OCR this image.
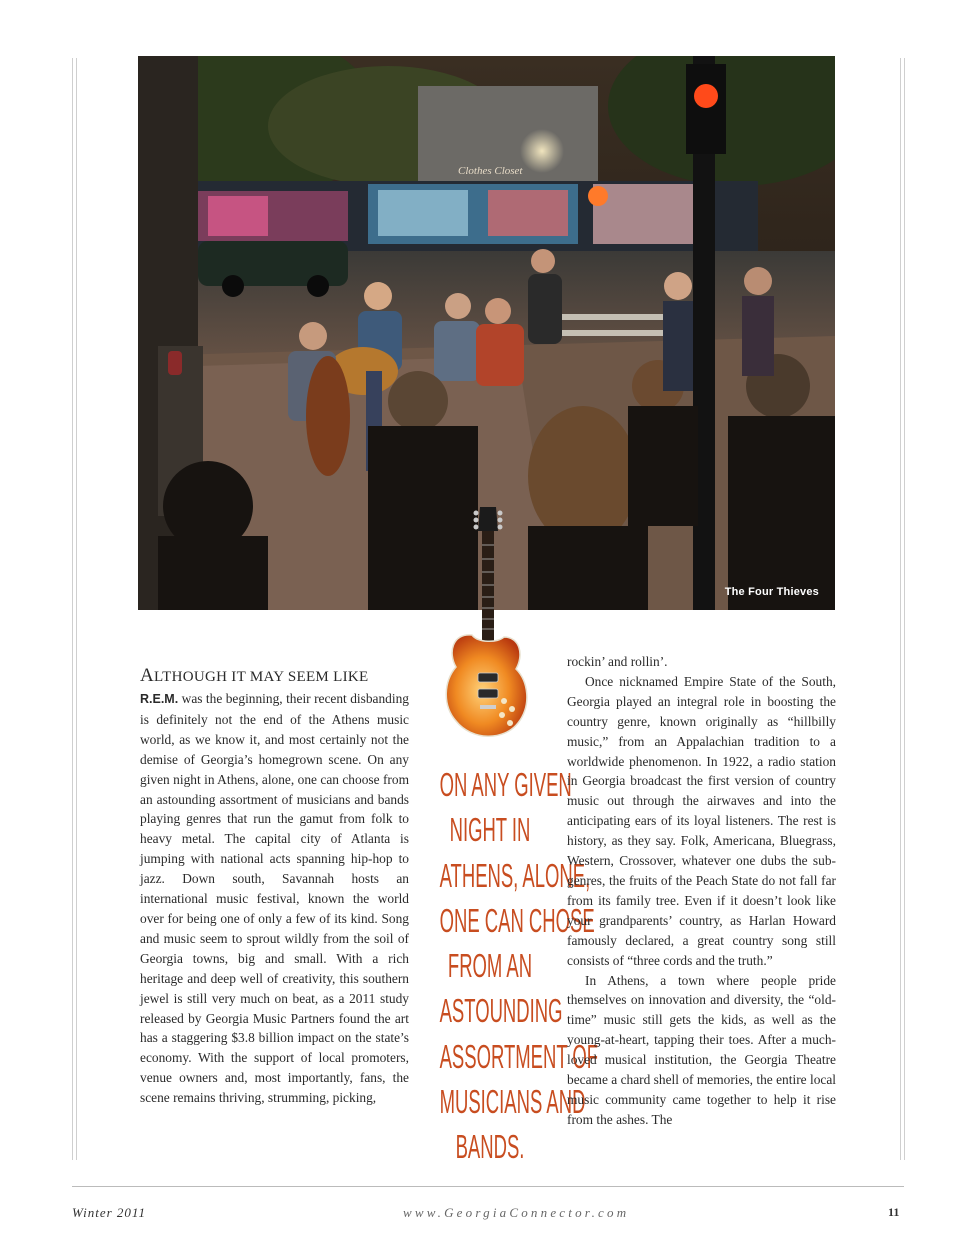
Clothes Closet
The Four Thieves

ALTHOUGH IT MAY SEEM LIKE
R.E.M. was the beginning, their recent disbanding is definitely not the end of the Athens music world, as we know it, and most certainly not the demise of Georgia’s homegrown scene. On any given night in Athens, alone, one can choose from an astounding assortment of musicians and bands playing genres that run the gamut from folk to heavy metal. The capital city of Atlanta is jumping with national acts spanning hip-hop to jazz. Down south, Savannah hosts an international music festival, known the world over for being one of only a few of its kind. Song and music seem to sprout wildly from the soil of Georgia towns, big and small. With a rich heritage and deep well of creativity, this southern jewel is still very much on beat, as a 2011 study released by Georgia Music Partners found the art has a staggering $3.8 billion impact on the state’s economy. With the support of local promoters, venue owners and, most importantly, fans, the scene remains thriving, strumming, picking,

ON ANY GIVEN
NIGHT IN
ATHENS, ALONE,
ONE CAN CHOSE
FROM AN
ASTOUNDING
ASSORTMENT OF
MUSICIANS AND
BANDS.

rockin’ and rollin’.

Once nicknamed Empire State of the South, Georgia played an integral role in boosting the country genre, known originally as “hillbilly music,” from an Appalachian tradition to a worldwide phenomenon. In 1922, a radio station in Georgia broadcast the first version of country music out through the airwaves and into the anticipating ears of its loyal listeners. The rest is history, as they say. Folk, Americana, Bluegrass, Western, Crossover, whatever one dubs the sub-genres, the fruits of the Peach State do not fall far from its family tree. Even if it doesn’t look like your grandparents’ country, as Harlan Howard famously declared, a great country song still consists of “three cords and the truth.”

In Athens, a town where people pride themselves on innovation and diversity, the “old-time” music still gets the kids, as well as the young-at-heart, tapping their toes. After a much-loved musical institution, the Georgia Theatre became a chard shell of memories, the entire local music community came together to help it rise from the ashes. The

Winter 2011	www.GeorgiaConnector.com	11
